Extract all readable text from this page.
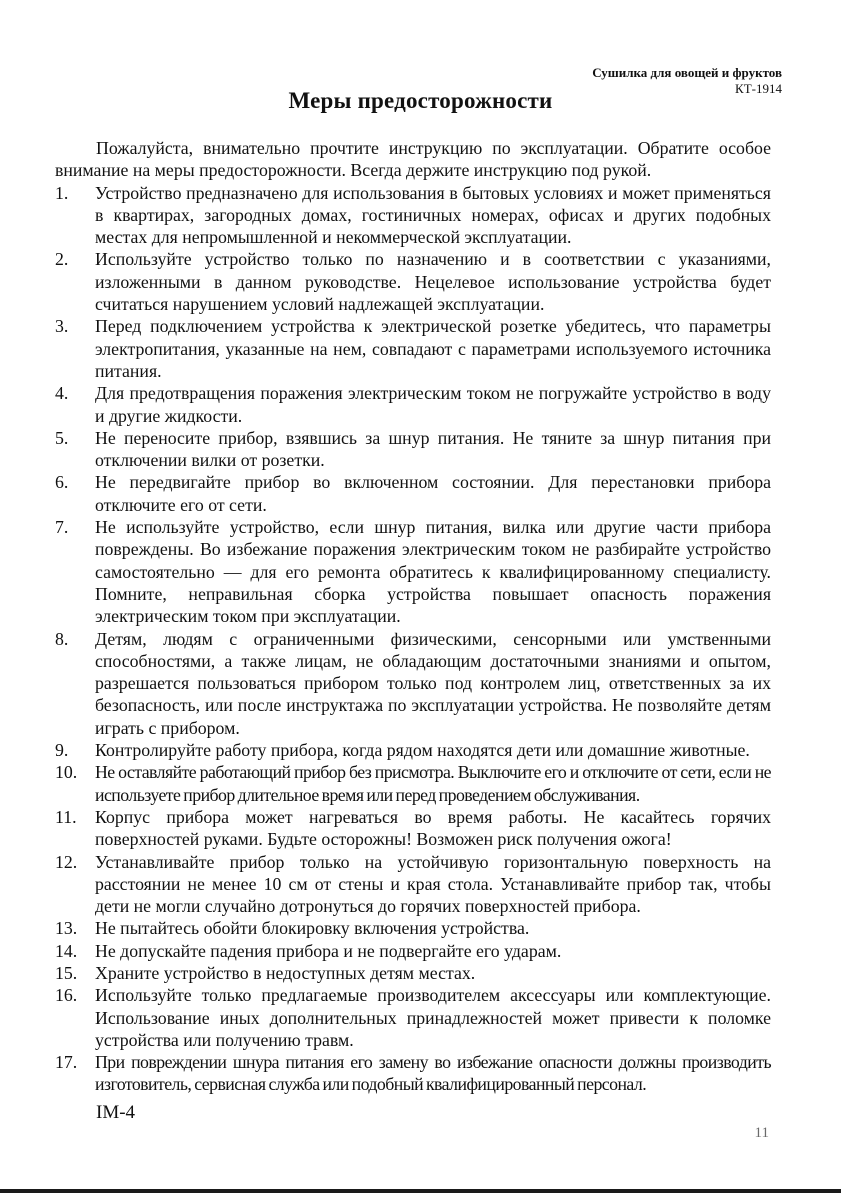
Сушилка для овощей и фруктов
КТ-1914
Меры предосторожности

Пожалуйста, внимательно прочтите инструкцию по эксплуатации. Обратите особое внимание на меры предосторожности. Всегда держите инструкцию под рукой.

1.	Устройство предназначено для использования в бытовых условиях и может применяться в квартирах, загородных домах, гостиничных номерах, офисах и других подобных местах для непромышленной и некоммерческой эксплуатации.
2.	Используйте устройство только по назначению и в соответствии с указаниями, изложенными в данном руководстве. Нецелевое использование устройства будет считаться нарушением условий надлежащей эксплуатации.
3.	Перед подключением устройства к электрической розетке убедитесь, что параметры электропитания, указанные на нем, совпадают с параметрами используемого источника питания.
4.	Для предотвращения поражения электрическим током не погружайте устройство в воду и другие жидкости.
5.	Не переносите прибор, взявшись за шнур питания. Не тяните за шнур питания при отключении вилки от розетки.
6.	Не передвигайте прибор во включенном состоянии. Для перестановки прибора отключите его от сети.
7.	Не используйте устройство, если шнур питания, вилка или другие части прибора повреждены. Во избежание поражения электрическим током не разбирайте устройство самостоятельно — для его ремонта обратитесь к квалифицированному специалисту. Помните, неправильная сборка устройства повышает опасность поражения электрическим током при эксплуатации.
8.	Детям, людям с ограниченными физическими, сенсорными или умственными способностями, а также лицам, не обладающим достаточными знаниями и опытом, разрешается пользоваться прибором только под контролем лиц, ответственных за их безопасность, или после инструктажа по эксплуатации устройства. Не позволяйте детям играть с прибором.
9.	Контролируйте работу прибора, когда рядом находятся дети или домашние животные.
10. Не оставляйте работающий прибор без присмотра. Выключите его и отключите от сети, если не используете прибор длительное время или перед проведением обслуживания.
11.	Корпус прибора может нагреваться во время работы. Не касайтесь горячих поверхностей руками. Будьте осторожны! Возможен риск получения ожога!
12. Устанавливайте прибор только на устойчивую горизонтальную поверхность на расстоянии не менее 10 см от стены и края стола. Устанавливайте прибор так, чтобы дети не могли случайно дотронуться до горячих поверхностей прибора.
13. Не пытайтесь обойти блокировку включения устройства.
14. Не допускайте падения прибора и не подвергайте его ударам.
15. Храните устройство в недоступных детям местах.
16. Используйте только предлагаемые производителем аксессуары или комплектующие. Использование иных дополнительных принадлежностей может привести к поломке устройства или получению травм.
17. При повреждении шнура питания его замену во избежание опасности должны производить изготовитель, сервисная служба или подобный квалифицированный персонал.
IM-4
11
